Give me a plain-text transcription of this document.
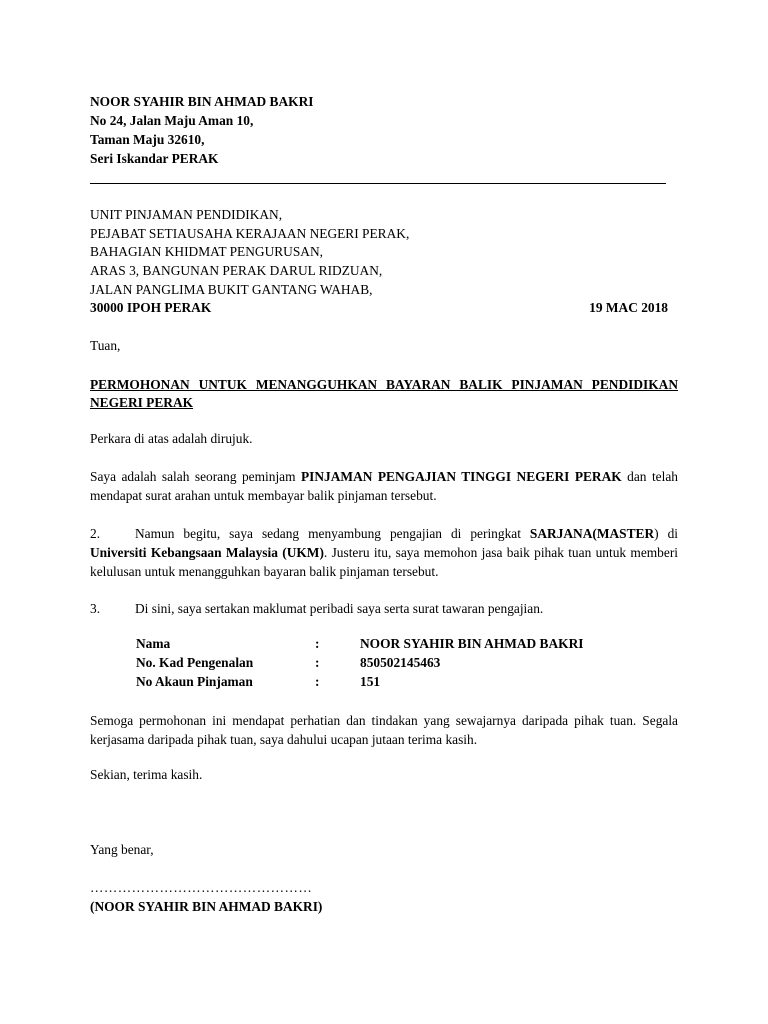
NOOR SYAHIR BIN AHMAD BAKRI
No 24, Jalan Maju Aman 10,
Taman Maju 32610,
Seri Iskandar PERAK
UNIT PINJAMAN PENDIDIKAN,
PEJABAT SETIAUSAHA KERAJAAN NEGERI PERAK,
BAHAGIAN KHIDMAT PENGURUSAN,
ARAS 3, BANGUNAN PERAK DARUL RIDZUAN,
JALAN PANGLIMA BUKIT GANTANG WAHAB,
30000 IPOH PERAK	19 MAC 2018
Tuan,
PERMOHONAN UNTUK MENANGGUHKAN BAYARAN BALIK PINJAMAN PENDIDIKAN
NEGERI PERAK
Perkara di atas adalah dirujuk.
Saya adalah salah seorang peminjam PINJAMAN PENGAJIAN TINGGI NEGERI PERAK dan telah mendapat surat arahan untuk membayar balik pinjaman tersebut.
2.	Namun begitu, saya sedang menyambung pengajian di peringkat SARJANA(MASTER) di Universiti Kebangsaan Malaysia (UKM). Justeru itu, saya memohon jasa baik pihak tuan untuk memberi kelulusan untuk menangguhkan bayaran balik pinjaman tersebut.
3.	Di sini, saya sertakan maklumat peribadi saya serta surat tawaran pengajian.
Nama	:	NOOR SYAHIR BIN AHMAD BAKRI
No. Kad Pengenalan	:	850502145463
No Akaun Pinjaman	:	151
Semoga permohonan ini mendapat perhatian dan tindakan yang sewajarnya daripada pihak tuan. Segala kerjasama daripada pihak tuan, saya dahului ucapan jutaan terima kasih.
Sekian, terima kasih.
Yang benar,
…………………………………………
(NOOR SYAHIR BIN AHMAD BAKRI)
